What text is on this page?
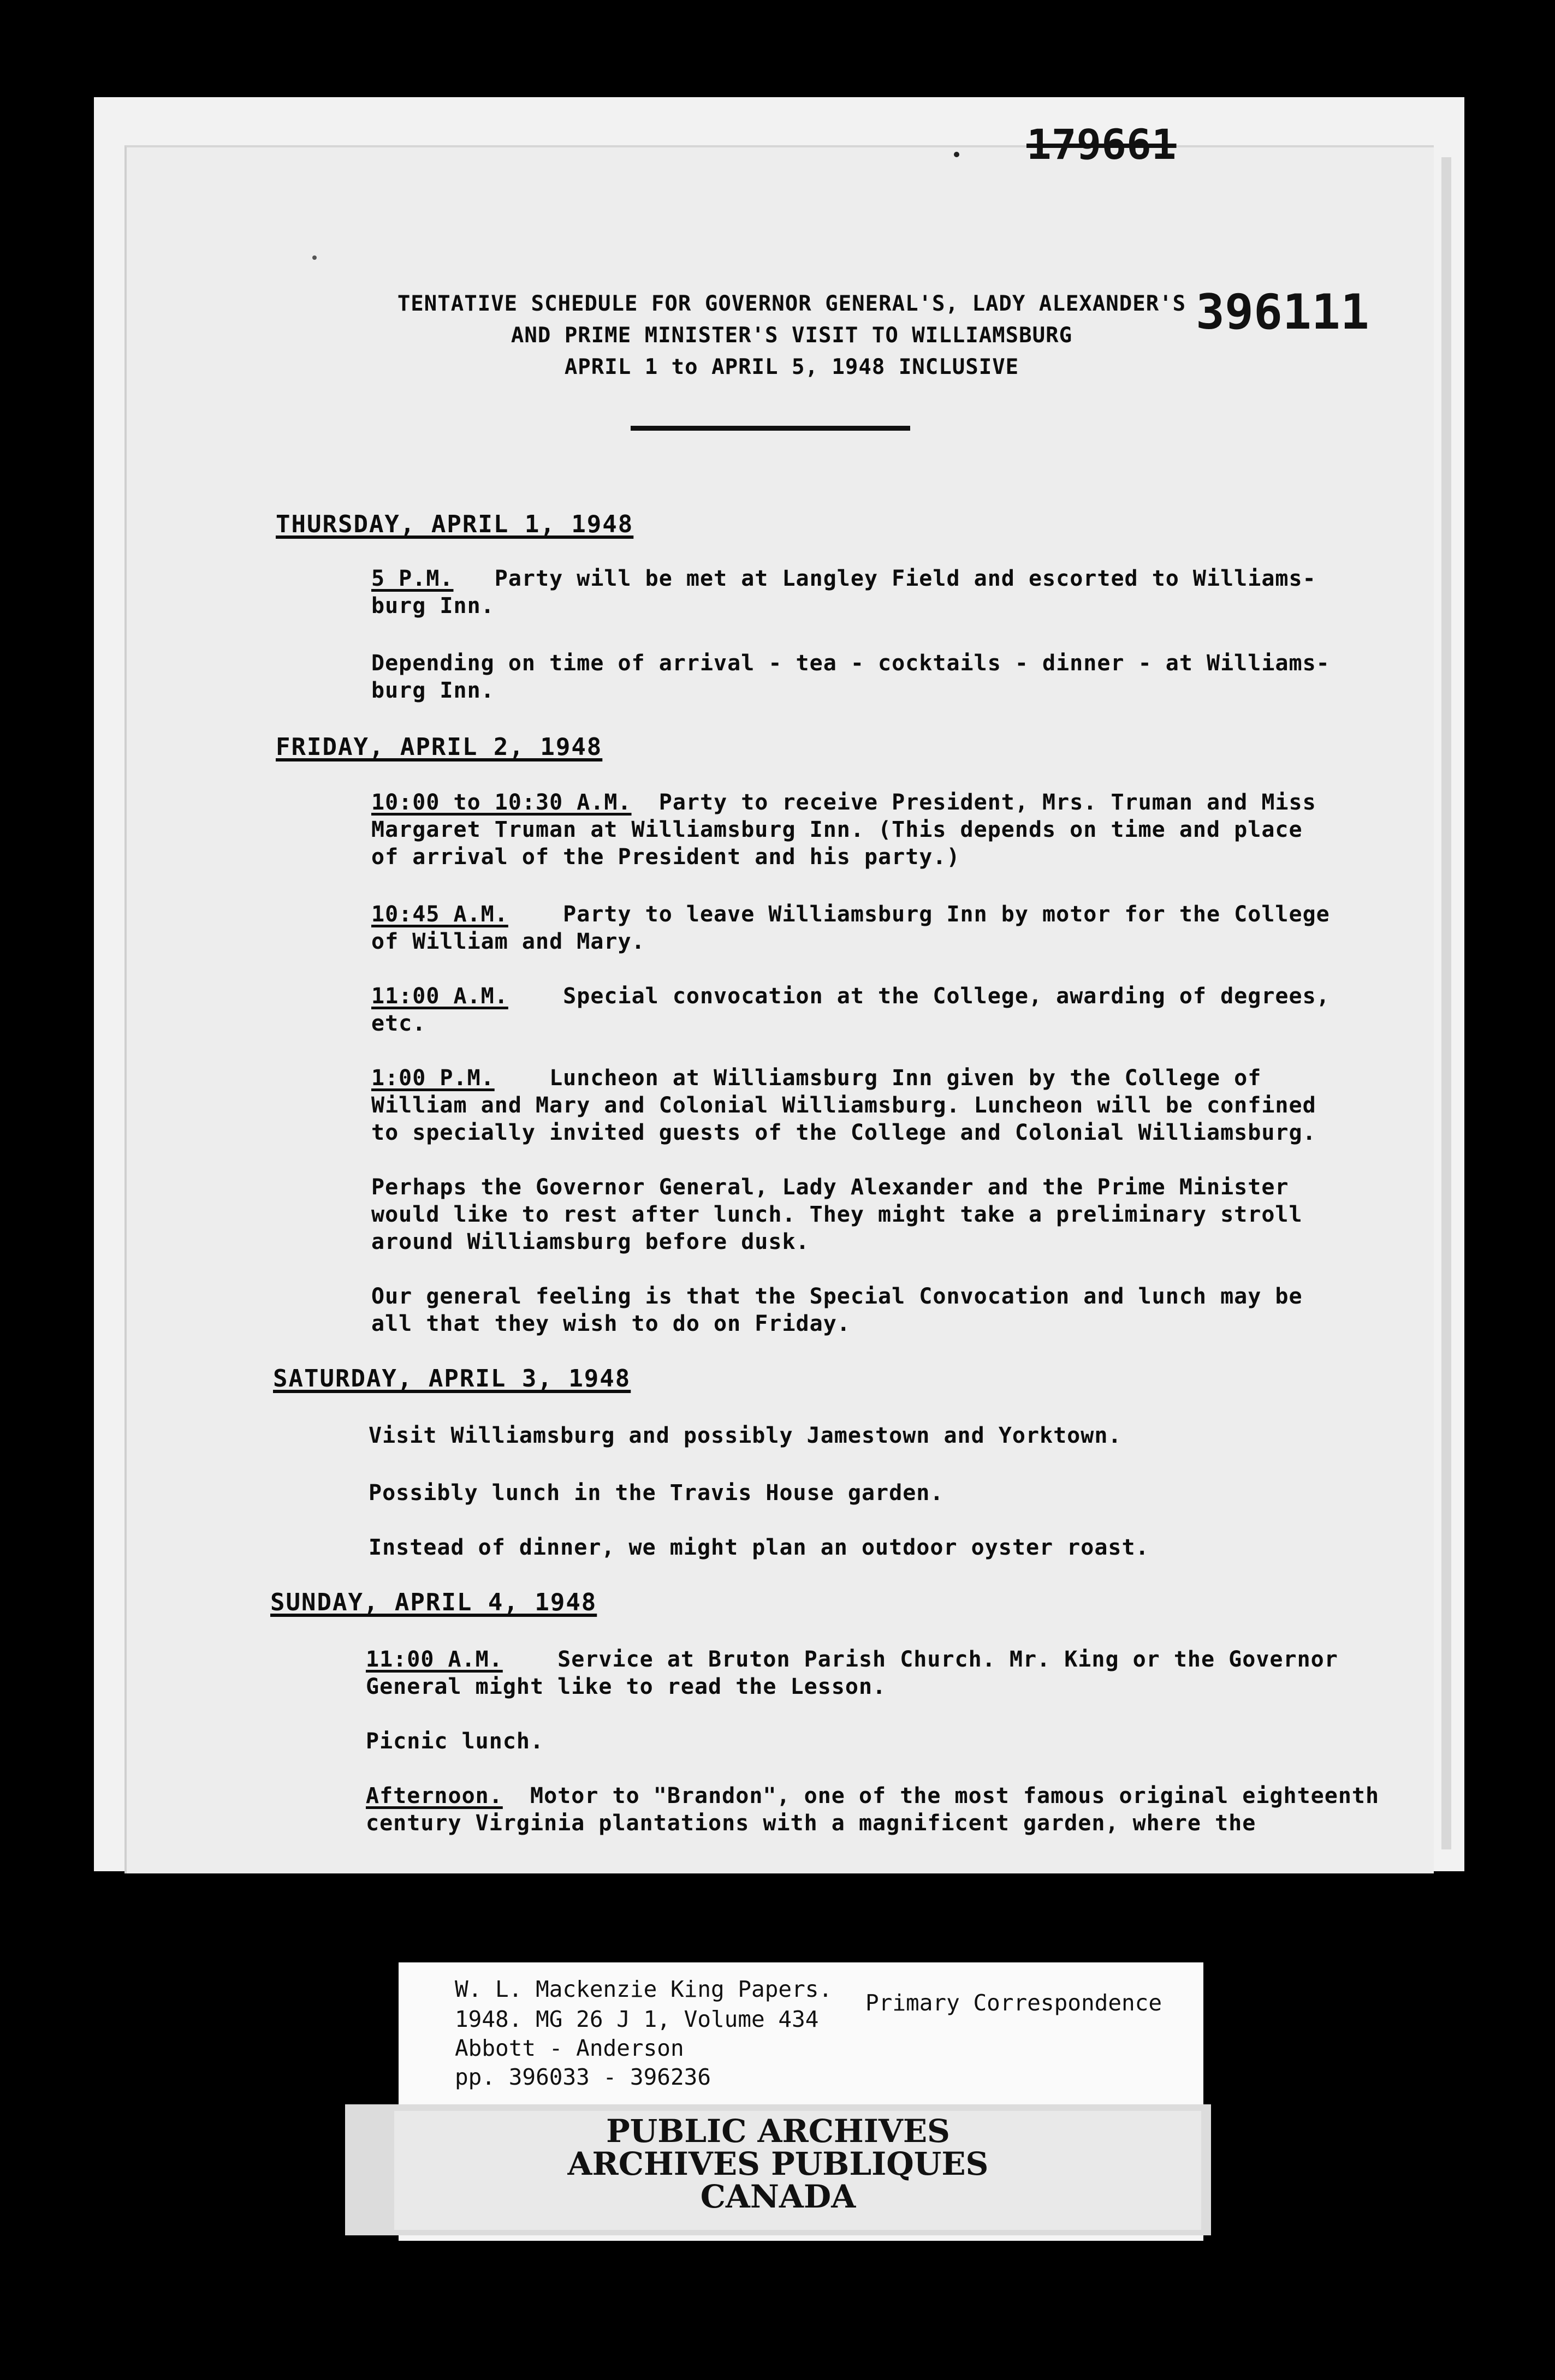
179661
396111
TENTATIVE SCHEDULE FOR GOVERNOR GENERAL'S, LADY ALEXANDER'S
AND PRIME MINISTER'S VISIT TO WILLIAMSBURG
APRIL 1 to APRIL 5, 1948 INCLUSIVE
THURSDAY, APRIL 1, 1948
5 P.M. Party will be met at Langley Field and escorted to Williams-
burg Inn.
Depending on time of arrival - tea - cocktails - dinner - at Williams-
burg Inn.
FRIDAY, APRIL 2, 1948
10:00 to 10:30 A.M. Party to receive President, Mrs. Truman and Miss
Margaret Truman at Williamsburg Inn. (This depends on time and place
of arrival of the President and his party.)
10:45 A.M.	Party to leave Williamsburg Inn by motor for the College
of William and Mary.
11:00 A.M.	Special convocation at the College, awarding of degrees,
etc.
1:00 P.M.	Luncheon at Williamsburg Inn given by the College of
William and Mary and Colonial Williamsburg. Luncheon will be confined
to specially invited guests of the College and Colonial Williamsburg.
Perhaps the Governor General, Lady Alexander and the Prime Minister
would like to rest after lunch. They might take a preliminary stroll
around Williamsburg before dusk.
Our general feeling is that the Special Convocation and lunch may be
all that they wish to do on Friday.
SATURDAY, APRIL 3, 1948
Visit Williamsburg and possibly Jamestown and Yorktown.
Possibly lunch in the Travis House garden.
Instead of dinner, we might plan an outdoor oyster roast.
SUNDAY, APRIL 4, 1948
11:00 A.M.	Service at Bruton Parish Church. Mr. King or the Governor
General might like to read the Lesson.
Picnic lunch.
Afternoon. Motor to "Brandon", one of the most famous original eighteenth
century Virginia plantations with a magnificent garden, where the
W. L. Mackenzie King Papers.
Primary Correspondence
1948. MG 26 J 1, Volume 434
Abbott - Anderson
pp. 396033 - 396236
PUBLIC ARCHIVES
ARCHIVES PUBLIQUES
CANADA
